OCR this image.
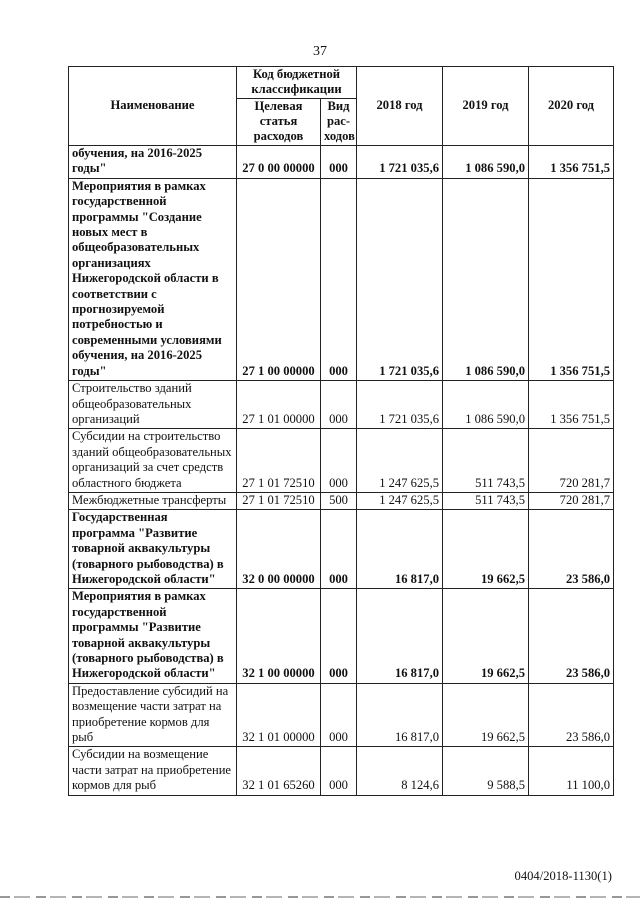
37
Наименование	Код бюджетной классификации		2018 год	2019 год	2020 год
	Целевая статья расходов	Вид рас-ходов			
обучения, на 2016-2025 годы"	27 0 00 00000	000	1 721 035,6	1 086 590,0	1 356 751,5
Мероприятия в рамках государственной программы "Создание новых мест в общеобразовательных организациях Нижегородской области в соответствии с прогнозируемой потребностью и современными условиями обучения, на 2016-2025 годы"	27 1 00 00000	000	1 721 035,6	1 086 590,0	1 356 751,5
Строительство зданий общеобразовательных организаций	27 1 01 00000	000	1 721 035,6	1 086 590,0	1 356 751,5
Субсидии на строительство зданий общеобразовательных организаций за счет средств областного бюджета	27 1 01 72510	000	1 247 625,5	511 743,5	720 281,7
Межбюджетные трансферты	27 1 01 72510	500	1 247 625,5	511 743,5	720 281,7
Государственная программа "Развитие товарной аквакультуры (товарного рыбоводства) в Нижегородской области"	32 0 00 00000	000	16 817,0	19 662,5	23 586,0
Мероприятия в рамках государственной программы "Развитие товарной аквакультуры (товарного рыбоводства) в Нижегородской области"	32 1 00 00000	000	16 817,0	19 662,5	23 586,0
Предоставление субсидий на возмещение части затрат на приобретение кормов для рыб	32 1 01 00000	000	16 817,0	19 662,5	23 586,0
Субсидии на возмещение части затрат на приобретение кормов для рыб	32 1 01 65260	000	8 124,6	9 588,5	11 100,0
0404/2018-1130(1)
